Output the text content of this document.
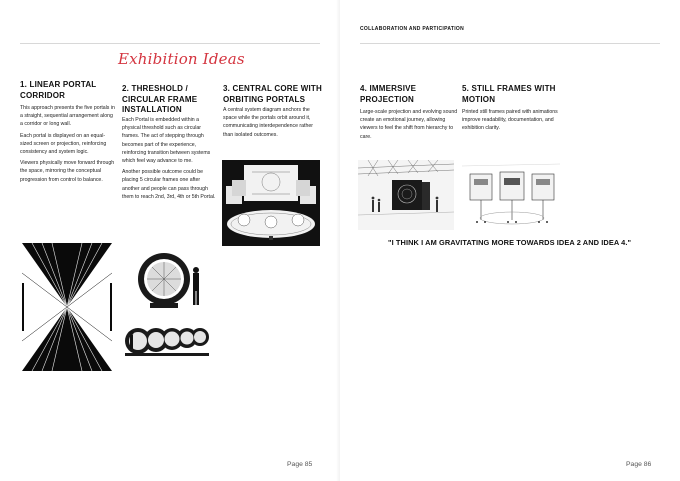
Exhibition Ideas
1. LINEAR PORTAL CORRIDOR
This approach presents the five portals in a straight, sequential arrangement along a corridor or long wall.
Each portal is displayed on an equal-sized screen or projection, reinforcing consistency and system logic.
Viewers physically move forward through the space, mirroring the conceptual progression from control to balance.
2. THRESHOLD / CIRCULAR FRAME INSTALLATION
Each Portal is embedded within a physical threshold such as circular frames. The act of stepping through becomes part of the experience, reinforcing transition between systems which feel way advance to me.
Another possible outcome could be placing 5 circular frames one after another and people can pass through them to reach 2nd, 3rd, 4th or 5th Portal.
3. CENTRAL CORE WITH ORBITING PORTALS
A central system diagram anchors the space while the portals orbit around it, communicating interdependence rather than isolated outcomes.
Page 85
COLLABORATION AND PARTICIPATION
4. IMMERSIVE PROJECTION
Large-scale projection and evolving sound create an emotional journey, allowing viewers to feel the shift from hierarchy to care.
5. STILL FRAMES WITH MOTION
Printed still frames paired with animations improve readability, documentation, and exhibition clarity.
"I THINK I AM GRAVITATING MORE TOWARDS IDEA 2 AND IDEA 4."
Page 86
